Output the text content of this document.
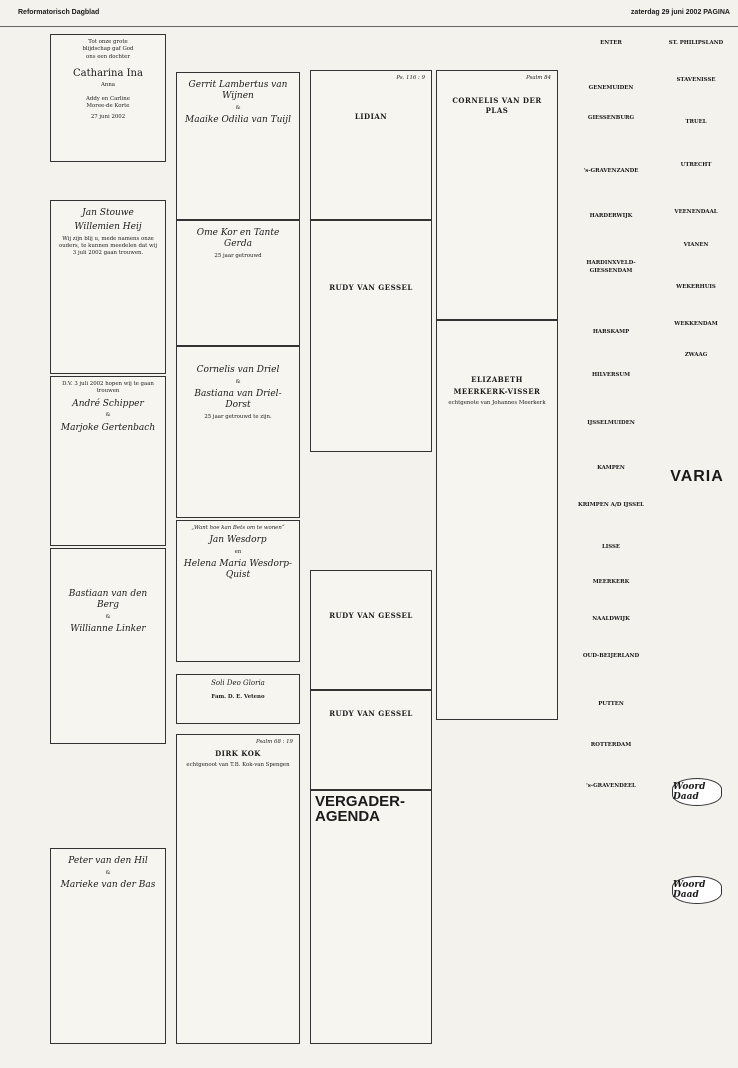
Reformatorisch Dagblad	zaterdag 29 juni 2002 PAGINA
Tot onze grote
blijdschap gaf God
ons een dochter
Catharina Ina
Anna
Addy en Carline
Moree-de Korte
27 juni 2002
Jan Stouwe
Willemien Heij
Wij zijn blij u, mede namens onze ouders, te kunnen meedelen dat wij 3 juli 2002 gaan trouwen.
D.V. 3 juli 2002 hopen wij te gaan trouwen
André Schipper
&
Marjoke Gertenbach
Bastiaan van den Berg
&
Willianne Linker
Peter van den Hil
&
Marieke van der Bas
Gerrit Lambertus van Wijnen
&
Maaike Odilia van Tuijl
Ome Kor en Tante Gerda
25 jaar getrouwd
Cornelis van Driel
&
Bastiana van Driel-Dorst
25 jaar getrouwd te zijn.
„Want hoe kan Bets om te wonen“
Jan Wesdorp
en
Helena Maria Wesdorp-Quist
Soli Deo Gloria
Fam. D. E. Veteno
Psalm 68 : 19
DIRK KOK
echtgenoot van T.B. Kok-van Spengen
Ps. 116 : 9
LIDIAN
RUDY VAN GESSEL
RUDY VAN GESSEL
RUDY VAN GESSEL
VERGADER-
AGENDA
Psalm 84
CORNELIS VAN DER PLAS
ELIZABETH
MEERKERK-VISSER
echtgenote van Johannes Meerkerk
ENTER
GENEMUIDEN
GIESSENBURG
's-GRAVENZANDE
HARDERWIJK
HARDINXVELD-GIESSENDAM
HARSKAMP
HILVERSUM
IJSSELMUIDEN
KAMPEN
KRIMPEN A/D IJSSEL
LISSE
MEERKERK
NAALDWIJK
OUD-BEIJERLAND
PUTTEN
ROTTERDAM
's-GRAVENDEEL
ST. PHILIPSLAND
STAVENISSE
TRUEL
UTRECHT
VEENENDAAL
VIANEN
WEKERHUIS
WEKKENDAM
ZWAAG
VARIA
Woord Daad
Woord Daad
